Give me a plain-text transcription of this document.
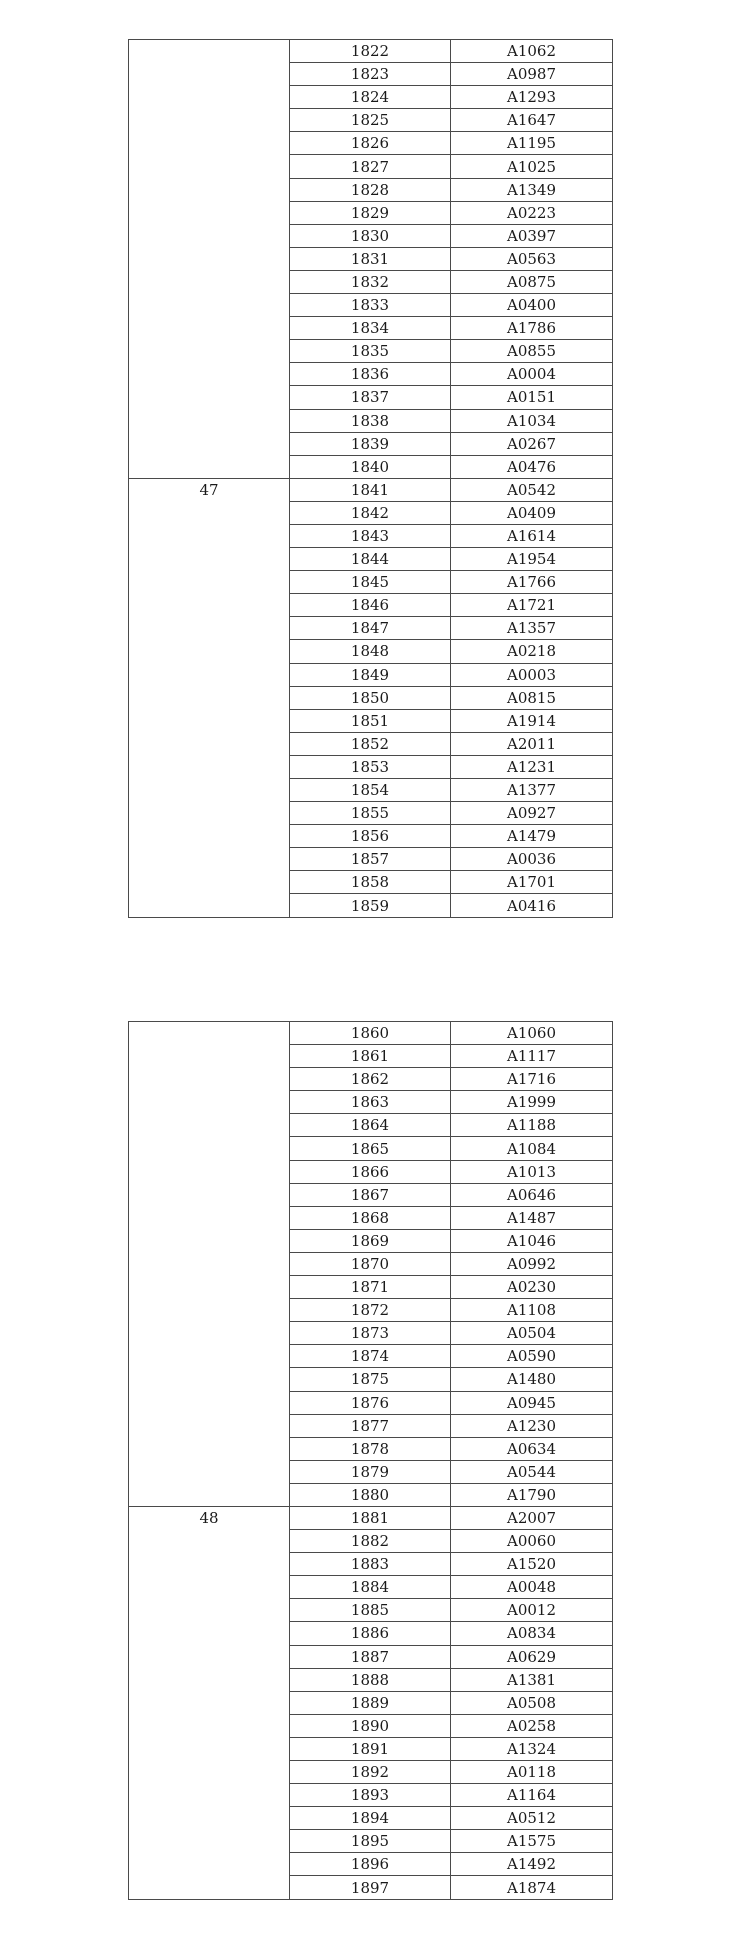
	1822	A1062
	1823	A0987
	1824	A1293
	1825	A1647
	1826	A1195
	1827	A1025
	1828	A1349
	1829	A0223
	1830	A0397
	1831	A0563
	1832	A0875
	1833	A0400
	1834	A1786
	1835	A0855
	1836	A0004
	1837	A0151
	1838	A1034
	1839	A0267
	1840	A0476
47	1841	A0542
	1842	A0409
	1843	A1614
	1844	A1954
	1845	A1766
	1846	A1721
	1847	A1357
	1848	A0218
	1849	A0003
	1850	A0815
	1851	A1914
	1852	A2011
	1853	A1231
	1854	A1377
	1855	A0927
	1856	A1479
	1857	A0036
	1858	A1701
	1859	A0416
	1860	A1060
	1861	A1117
	1862	A1716
	1863	A1999
	1864	A1188
	1865	A1084
	1866	A1013
	1867	A0646
	1868	A1487
	1869	A1046
	1870	A0992
	1871	A0230
	1872	A1108
	1873	A0504
	1874	A0590
	1875	A1480
	1876	A0945
	1877	A1230
	1878	A0634
	1879	A0544
	1880	A1790
48	1881	A2007
	1882	A0060
	1883	A1520
	1884	A0048
	1885	A0012
	1886	A0834
	1887	A0629
	1888	A1381
	1889	A0508
	1890	A0258
	1891	A1324
	1892	A0118
	1893	A1164
	1894	A0512
	1895	A1575
	1896	A1492
	1897	A1874
